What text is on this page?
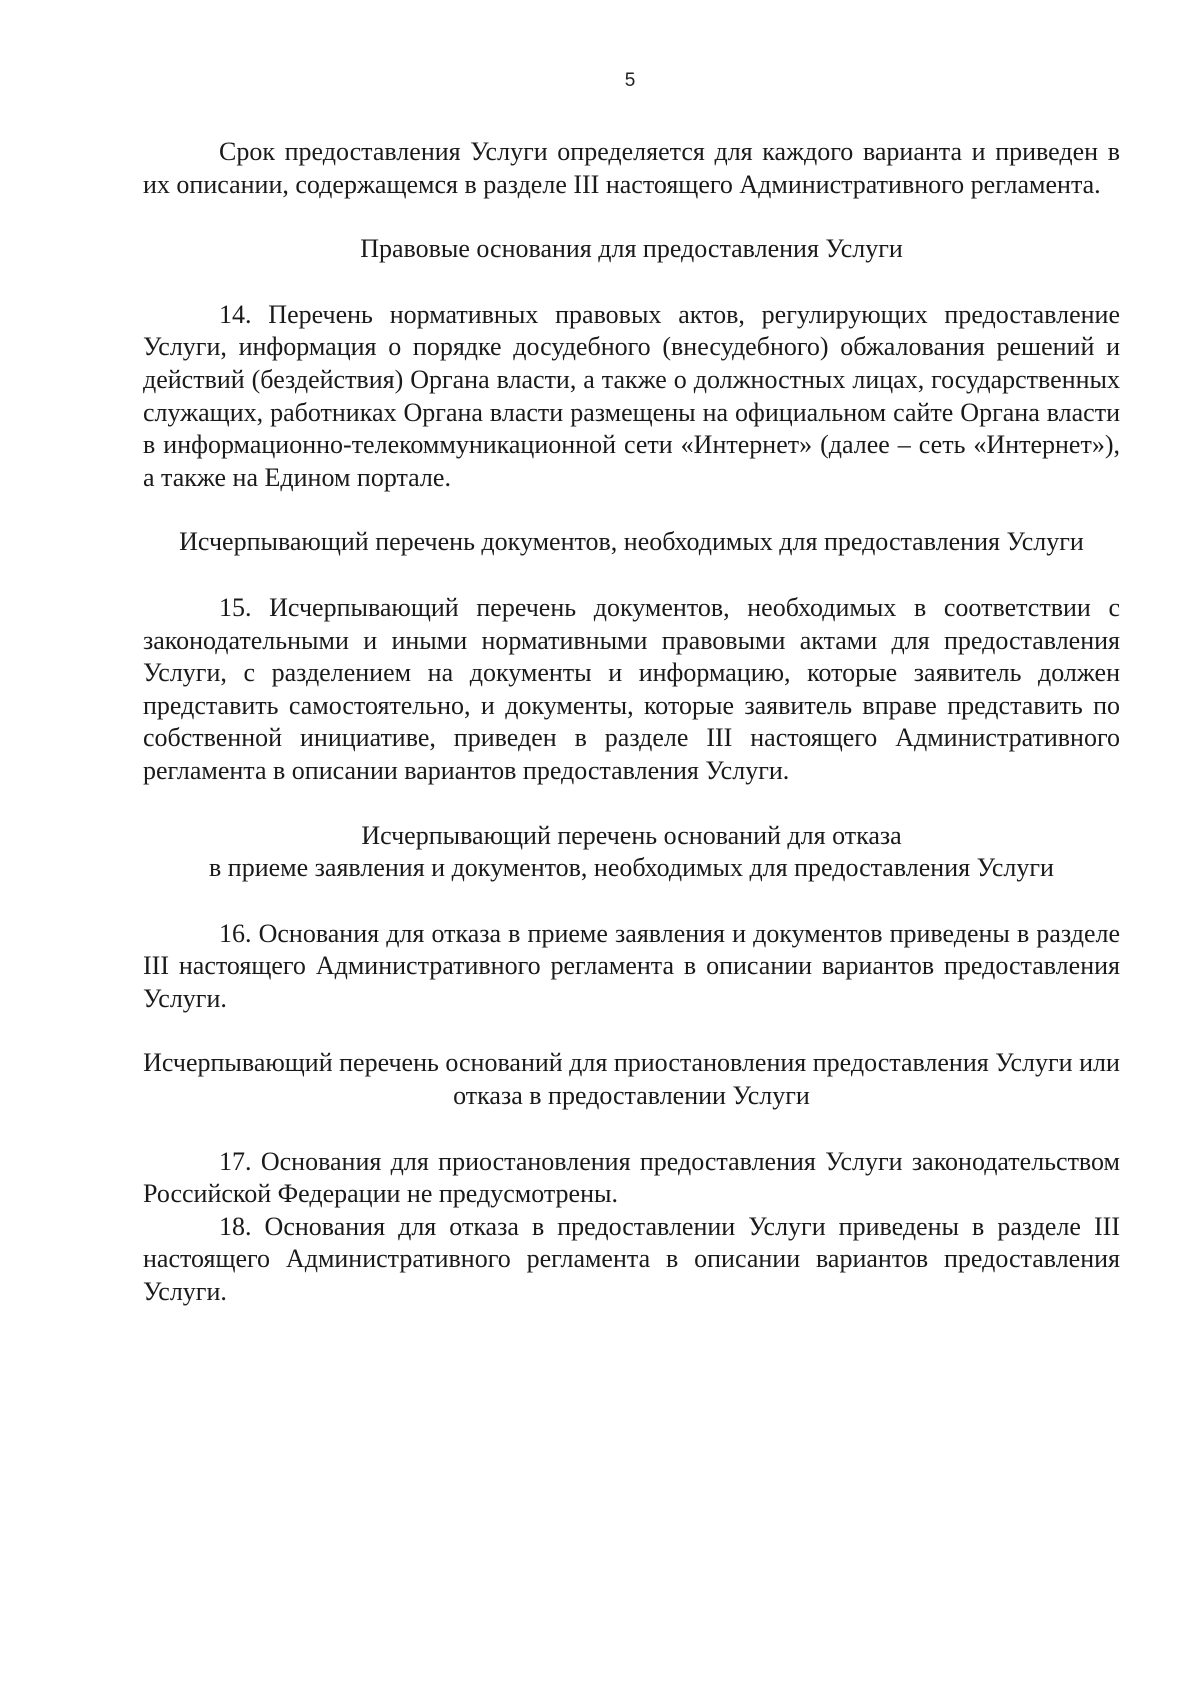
5

Срок предоставления Услуги определяется для каждого варианта и приведен в их описании, содержащемся в разделе III настоящего Административного регламента.

Правовые основания для предоставления Услуги

14. Перечень нормативных правовых актов, регулирующих предоставление Услуги, информация о порядке досудебного (внесудебного) обжалования решений и действий (бездействия) Органа власти, а также о должностных лицах, государственных служащих, работниках Органа власти размещены на официальном сайте Органа власти в информационно-телекоммуникационной сети «Интернет» (далее – сеть «Интернет»), а также на Едином портале.

Исчерпывающий перечень документов, необходимых для предоставления Услуги

15. Исчерпывающий перечень документов, необходимых в соответствии с законодательными и иными нормативными правовыми актами для предоставления Услуги, с разделением на документы и информацию, которые заявитель должен представить самостоятельно, и документы, которые заявитель вправе представить по собственной инициативе, приведен в разделе III настоящего Административного регламента в описании вариантов предоставления Услуги.

Исчерпывающий перечень оснований для отказа

в приеме заявления и документов, необходимых для предоставления Услуги

16. Основания для отказа в приеме заявления и документов приведены в разделе III настоящего Административного регламента в описании вариантов предоставления Услуги.

Исчерпывающий перечень оснований для приостановления предоставления Услуги или отказа в предоставлении Услуги

17. Основания для приостановления предоставления Услуги законодательством Российской Федерации не предусмотрены.

18. Основания для отказа в предоставлении Услуги приведены в разделе III настоящего Административного регламента в описании вариантов предоставления Услуги.
